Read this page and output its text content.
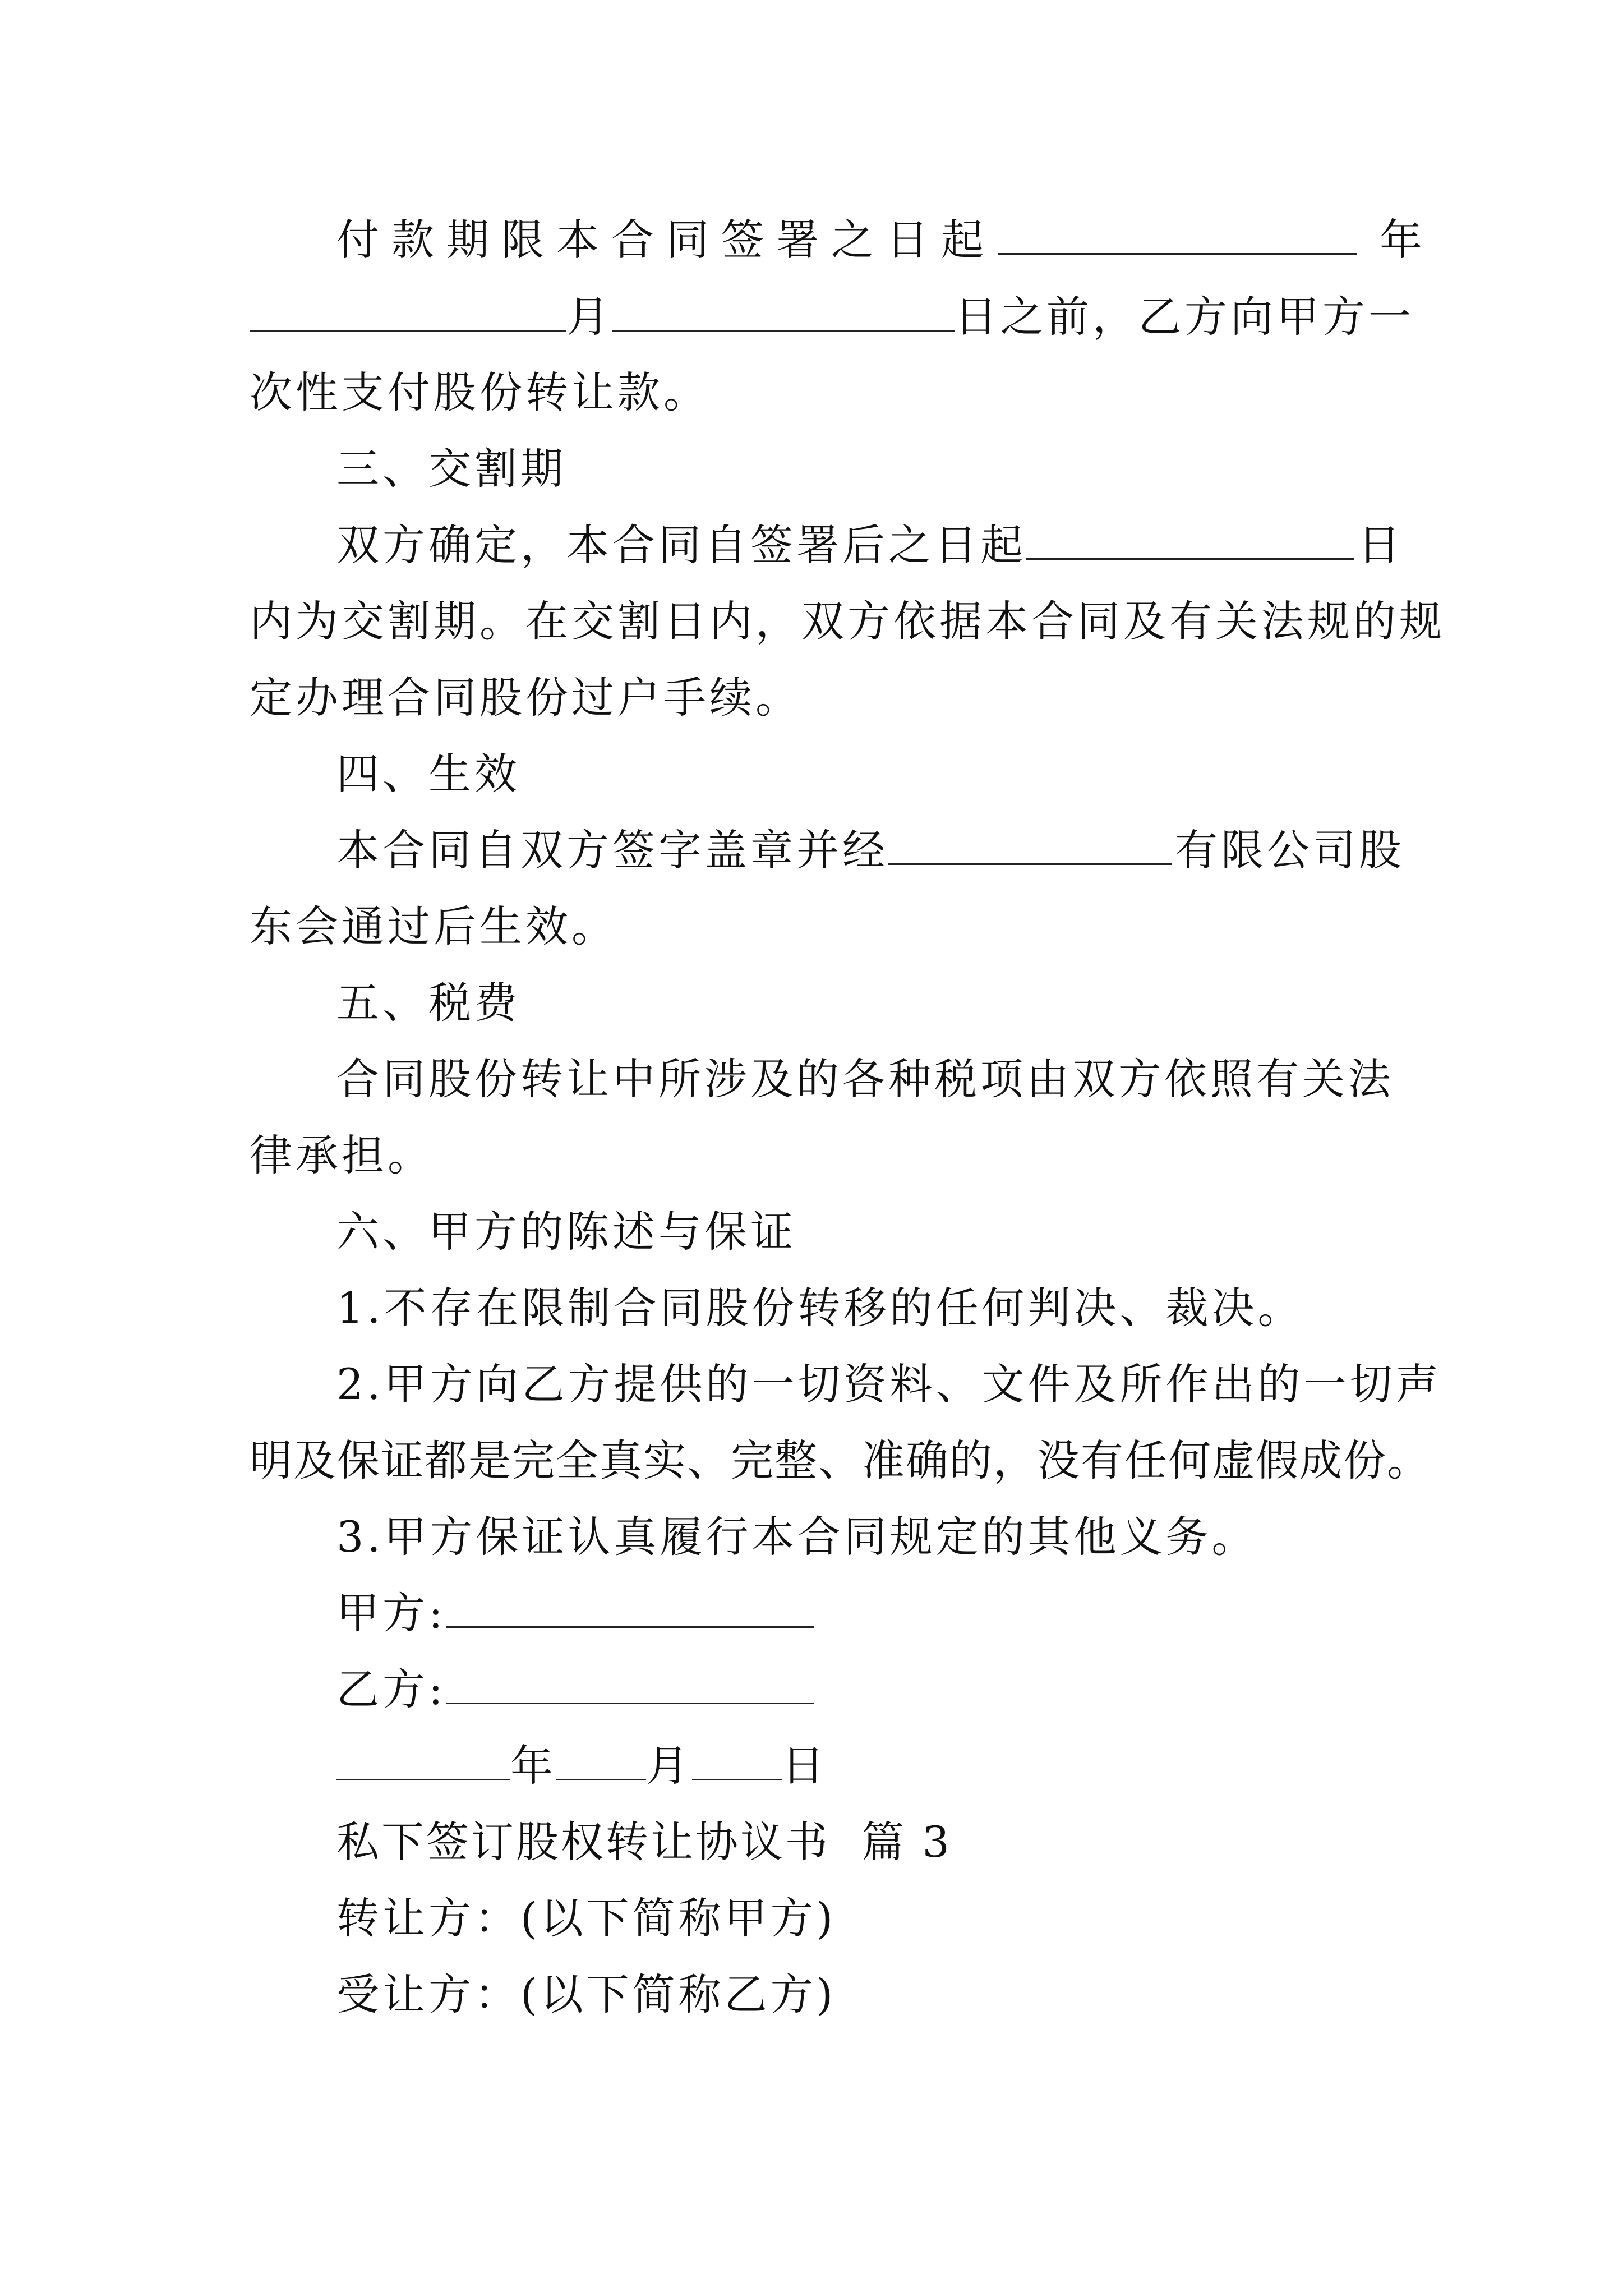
付款期限本合同签署之日起	年
月	日之前，乙方向甲方一
次性支付股份转让款。
三、交割期
双方确定，本合同自签署后之日起	日
内为交割期。在交割日内，双方依据本合同及有关法规的规
定办理合同股份过户手续。
四、生效
本合同自双方签字盖章并经	有限公司股
东会通过后生效。
五、税费
合同股份转让中所涉及的各种税项由双方依照有关法
律承担。
六、甲方的陈述与保证
1.不存在限制合同股份转移的任何判决、裁决。
2.甲方向乙方提供的一切资料、文件及所作出的一切声
明及保证都是完全真实、完整、准确的，没有任何虚假成份。
3.甲方保证认真履行本合同规定的其他义务。
甲方:
乙方:
年 月 日
私下签订股权转让协议书  篇 3
转让方：(以下简称甲方)
受让方：(以下简称乙方)
